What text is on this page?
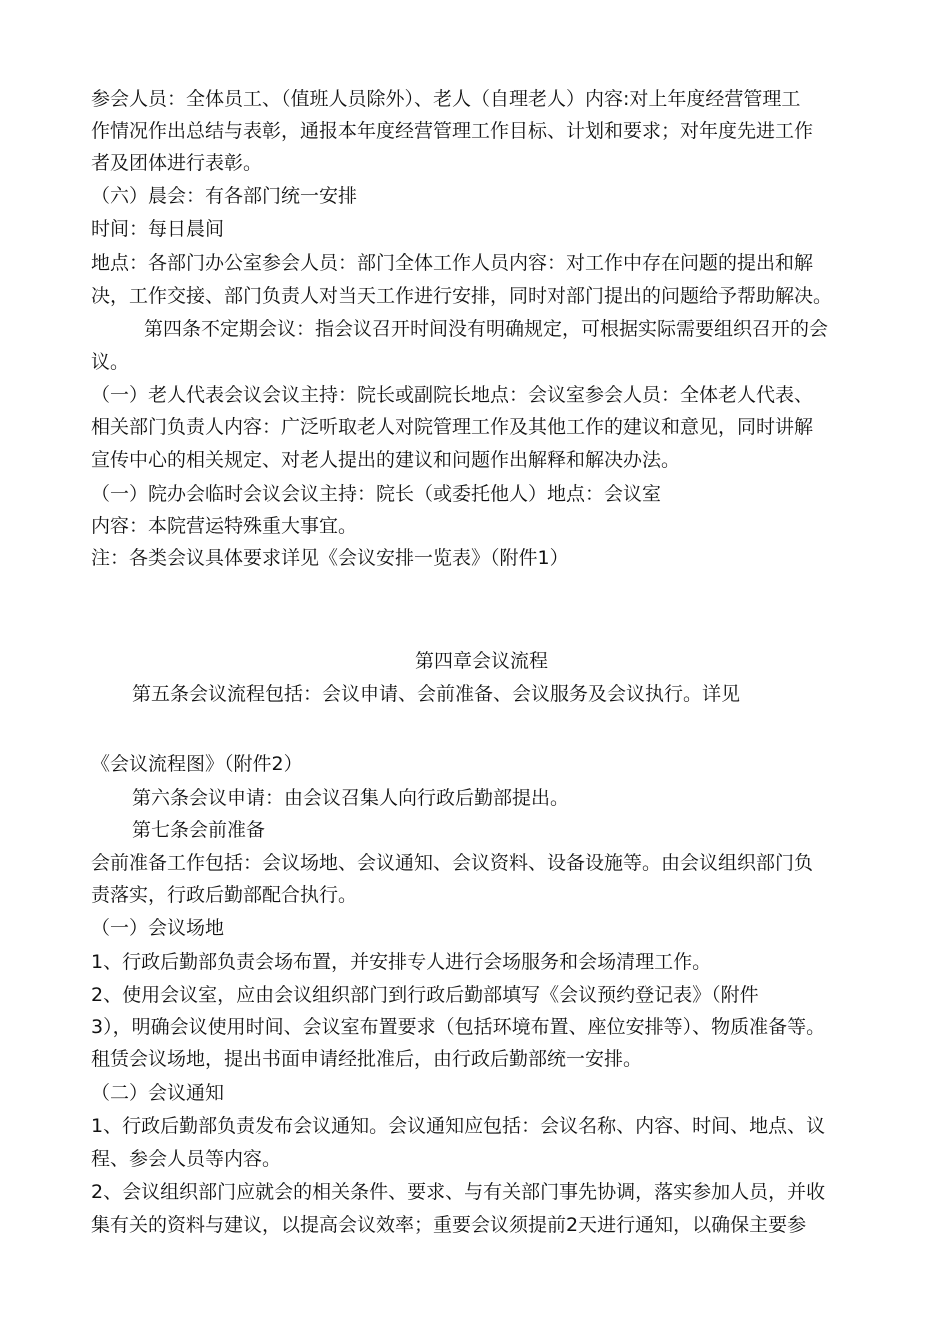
参会人员：全体员工、（值班人员除外）、老人（自理老人）内容:对上年度经营管理工
作情况作出总结与表彰，通报本年度经营管理工作目标、计划和要求；对年度先进工作
者及团体进行表彰。
（六）晨会：有各部门统一安排
时间：每日晨间
地点：各部门办公室参会人员：部门全体工作人员内容：对工作中存在问题的提出和解
决，工作交接、部门负责人对当天工作进行安排，同时对部门提出的问题给予帮助解决。
第四条不定期会议：指会议召开时间没有明确规定，可根据实际需要组织召开的会
议。
（一）老人代表会议会议主持：院长或副院长地点：会议室参会人员：全体老人代表、
相关部门负责人内容：广泛听取老人对院管理工作及其他工作的建议和意见，同时讲解
宣传中心的相关规定、对老人提出的建议和问题作出解释和解决办法。
（一）院办会临时会议会议主持：院长（或委托他人）地点：会议室
内容：本院营运特殊重大事宜。
注：各类会议具体要求详见《会议安排一览表》（附件1）
第四章会议流程
第五条会议流程包括：会议申请、会前准备、会议服务及会议执行。详见
《会议流程图》（附件2）
第六条会议申请：由会议召集人向行政后勤部提出。
第七条会前准备
会前准备工作包括：会议场地、会议通知、会议资料、设备设施等。由会议组织部门负
责落实，行政后勤部配合执行。
（一）会议场地
1、行政后勤部负责会场布置，并安排专人进行会场服务和会场清理工作。
2、使用会议室，应由会议组织部门到行政后勤部填写《会议预约登记表》（附件
3），明确会议使用时间、会议室布置要求（包括环境布置、座位安排等）、物质准备等。
租赁会议场地，提出书面申请经批准后，由行政后勤部统一安排。
（二）会议通知
1、行政后勤部负责发布会议通知。会议通知应包括：会议名称、内容、时间、地点、议
程、参会人员等内容。
2、会议组织部门应就会的相关条件、要求、与有关部门事先协调，落实参加人员，并收
集有关的资料与建议，以提高会议效率；重要会议须提前2天进行通知，以确保主要参
